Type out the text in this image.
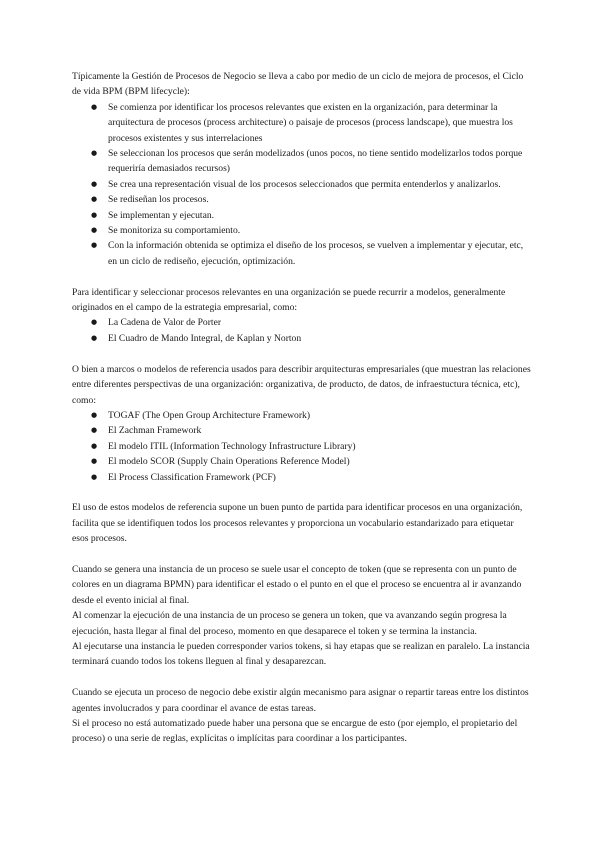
Típicamente la Gestión de Procesos de Negocio se lleva a cabo por medio de un ciclo de mejora de procesos, el Ciclo de vida BPM (BPM lifecycle):

● Se comienza por identificar los procesos relevantes que existen en la organización, para determinar la arquitectura de procesos (process architecture) o paisaje de procesos (process landscape), que muestra los procesos existentes y sus interrelaciones
● Se seleccionan los procesos que serán modelizados (unos pocos, no tiene sentido modelizarlos todos porque requeriría demasiados recursos)
● Se crea una representación visual de los procesos seleccionados que permita entenderlos y analizarlos.
● Se rediseñan los procesos.
● Se implementan y ejecutan.
● Se monitoriza su comportamiento.
● Con la información obtenida se optimiza el diseño de los procesos, se vuelven a implementar y ejecutar, etc, en un ciclo de rediseño, ejecución, optimización.

Para identificar y seleccionar procesos relevantes en una organización se puede recurrir a modelos, generalmente originados en el campo de la estrategia empresarial, como:

● La Cadena de Valor de Porter
● El Cuadro de Mando Integral, de Kaplan y Norton

O bien a marcos o modelos de referencia usados para describir arquitecturas empresariales (que muestran las relaciones entre diferentes perspectivas de una organización: organizativa, de producto, de datos, de infraestuctura técnica, etc), como:

● TOGAF (The Open Group Architecture Framework)
● El Zachman Framework
● El modelo ITIL (Information Technology Infrastructure Library)
● El modelo SCOR (Supply Chain Operations Reference Model)
● El Process Classification Framework (PCF)

El uso de estos modelos de referencia supone un buen punto de partida para identificar procesos en una organización, facilita que se identifiquen todos los procesos relevantes y proporciona un vocabulario estandarizado para etiquetar esos procesos.

Cuando se genera una instancia de un proceso se suele usar el concepto de token (que se representa con un punto de colores en un diagrama BPMN) para identificar el estado o el punto en el que el proceso se encuentra al ir avanzando desde el evento inicial al final.

Al comenzar la ejecución de una instancia de un proceso se genera un token, que va avanzando según progresa la ejecución, hasta llegar al final del proceso, momento en que desaparece el token y se termina la instancia.

Al ejecutarse una instancia le pueden corresponder varios tokens, si hay etapas que se realizan en paralelo. La instancia terminará cuando todos los tokens lleguen al final y desaparezcan.

Cuando se ejecuta un proceso de negocio debe existir algún mecanismo para asignar o repartir tareas entre los distintos agentes involucrados y para coordinar el avance de estas tareas.

Si el proceso no está automatizado puede haber una persona que se encargue de esto (por ejemplo, el propietario del proceso) o una serie de reglas, explícitas o implícitas para coordinar a los participantes.
